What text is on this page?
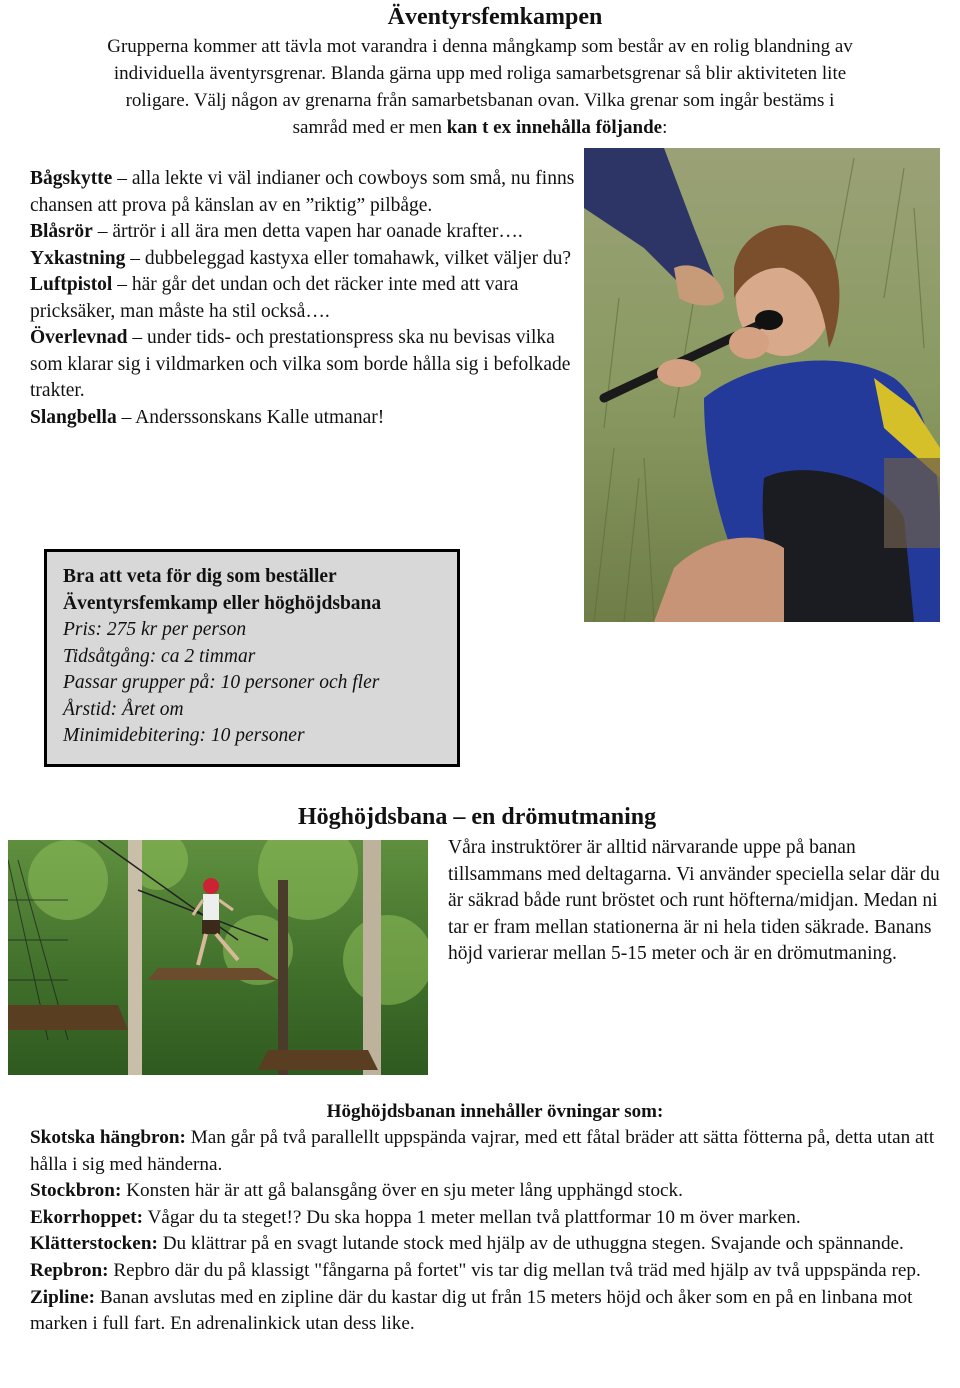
Äventyrsfemkampen
Grupperna kommer att tävla mot varandra i denna mångkamp som består av en rolig blandning av
individuella äventyrsgrenar. Blanda gärna upp med roliga samarbetsgrenar så blir aktiviteten lite
roligare. Välj någon av grenarna från samarbetsbanan ovan. Vilka grenar som ingår bestäms i
samråd med er men kan t ex innehålla följande:
Bågskytte – alla lekte vi väl indianer och cowboys som små, nu finns chansen att prova på känslan av en ”riktig” pilbåge.
Blåsrör – ärtrör i all ära men detta vapen har oanade krafter….
Yxkastning – dubbeleggad kastyxa eller tomahawk, vilket väljer du?
Luftpistol – här går det undan och det räcker inte med att vara pricksäker, man måste ha stil också….
Överlevnad – under tids- och prestationspress ska nu bevisas vilka som klarar sig i vildmarken och vilka som borde hålla sig i befolkade trakter.
Slangbella – Anderssonskans Kalle utmanar!
Bra att veta för dig som beställer
Äventyrsfemkamp eller höghöjdsbana
Pris: 275 kr per person
Tidsåtgång: ca 2 timmar
Passar grupper på: 10 personer och fler
Årstid: Året om
Minimidebitering: 10 personer
Höghöjdsbana – en drömutmaning
Våra instruktörer är alltid närvarande uppe på banan tillsammans med deltagarna. Vi använder speciella selar där du är säkrad både runt bröstet och runt höfterna/midjan. Medan ni tar er fram mellan stationerna är ni hela tiden säkrade. Banans höjd varierar mellan 5-15 meter och är en drömutmaning.
Höghöjdsbanan innehåller övningar som:
Skotska hängbron: Man går på två parallellt uppspända vajrar, med ett fåtal bräder att sätta fötterna på, detta utan att hålla i sig med händerna.
Stockbron: Konsten här är att gå balansgång över en sju meter lång upphängd stock.
Ekorrhoppet: Vågar du ta steget!? Du ska hoppa 1 meter mellan två plattformar 10 m över marken.
Klätterstocken: Du klättrar på en svagt lutande stock med hjälp av de uthuggna stegen. Svajande och spännande.
Repbron: Repbro där du på klassigt "fångarna på fortet" vis tar dig mellan två träd med hjälp av två uppspända rep.
Zipline: Banan avslutas med en zipline där du kastar dig ut från 15 meters höjd och åker som en på en linbana mot marken i full fart. En adrenalinkick utan dess like.
